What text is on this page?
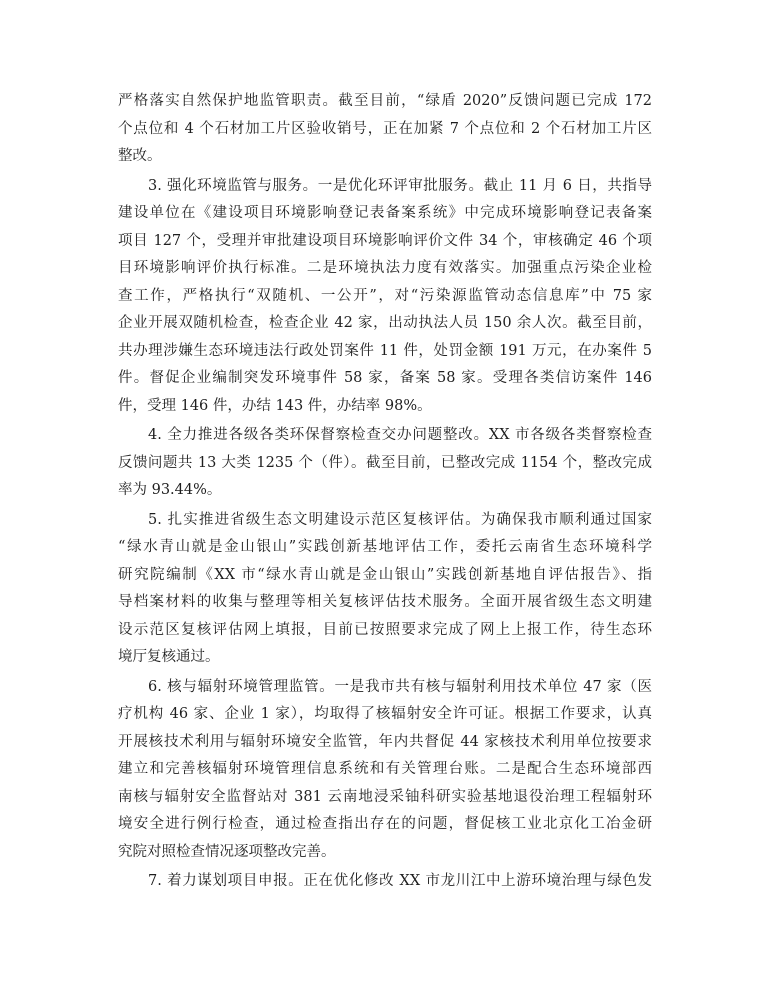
严格落实自然保护地监管职责。截至目前，“绿盾 2020”反馈问题已完成 172
个点位和 4 个石材加工片区验收销号，正在加紧 7 个点位和 2 个石材加工片区
整改。
3. 强化环境监管与服务。一是优化环评审批服务。截止 11 月 6 日，共指导
建设单位在《建设项目环境影响登记表备案系统》中完成环境影响登记表备案
项目 127 个，受理并审批建设项目环境影响评价文件 34 个，审核确定 46 个项
目环境影响评价执行标准。二是环境执法力度有效落实。加强重点污染企业检
查工作，严格执行“双随机、一公开”，对“污染源监管动态信息库”中 75 家
企业开展双随机检查，检查企业 42 家，出动执法人员 150 余人次。截至目前，
共办理涉嫌生态环境违法行政处罚案件 11 件，处罚金额 191 万元，在办案件 5
件。督促企业编制突发环境事件 58 家，备案 58 家。受理各类信访案件 146
件，受理 146 件，办结 143 件，办结率 98%。
4. 全力推进各级各类环保督察检查交办问题整改。XX 市各级各类督察检查
反馈问题共 13 大类 1235 个（件）。截至目前，已整改完成 1154 个，整改完成
率为 93.44%。
5. 扎实推进省级生态文明建设示范区复核评估。为确保我市顺利通过国家
“绿水青山就是金山银山”实践创新基地评估工作，委托云南省生态环境科学
研究院编制《XX 市“绿水青山就是金山银山”实践创新基地自评估报告》、指
导档案材料的收集与整理等相关复核评估技术服务。全面开展省级生态文明建
设示范区复核评估网上填报，目前已按照要求完成了网上上报工作，待生态环
境厅复核通过。
6. 核与辐射环境管理监管。一是我市共有核与辐射利用技术单位 47 家（医
疗机构 46 家、企业 1 家），均取得了核辐射安全许可证。根据工作要求，认真
开展核技术利用与辐射环境安全监管，年内共督促 44 家核技术利用单位按要求
建立和完善核辐射环境管理信息系统和有关管理台账。二是配合生态环境部西
南核与辐射安全监督站对 381 云南地浸采铀科研实验基地退役治理工程辐射环
境安全进行例行检查，通过检查指出存在的问题，督促核工业北京化工冶金研
究院对照检查情况逐项整改完善。
7. 着力谋划项目申报。正在优化修改 XX 市龙川江中上游环境治理与绿色发
